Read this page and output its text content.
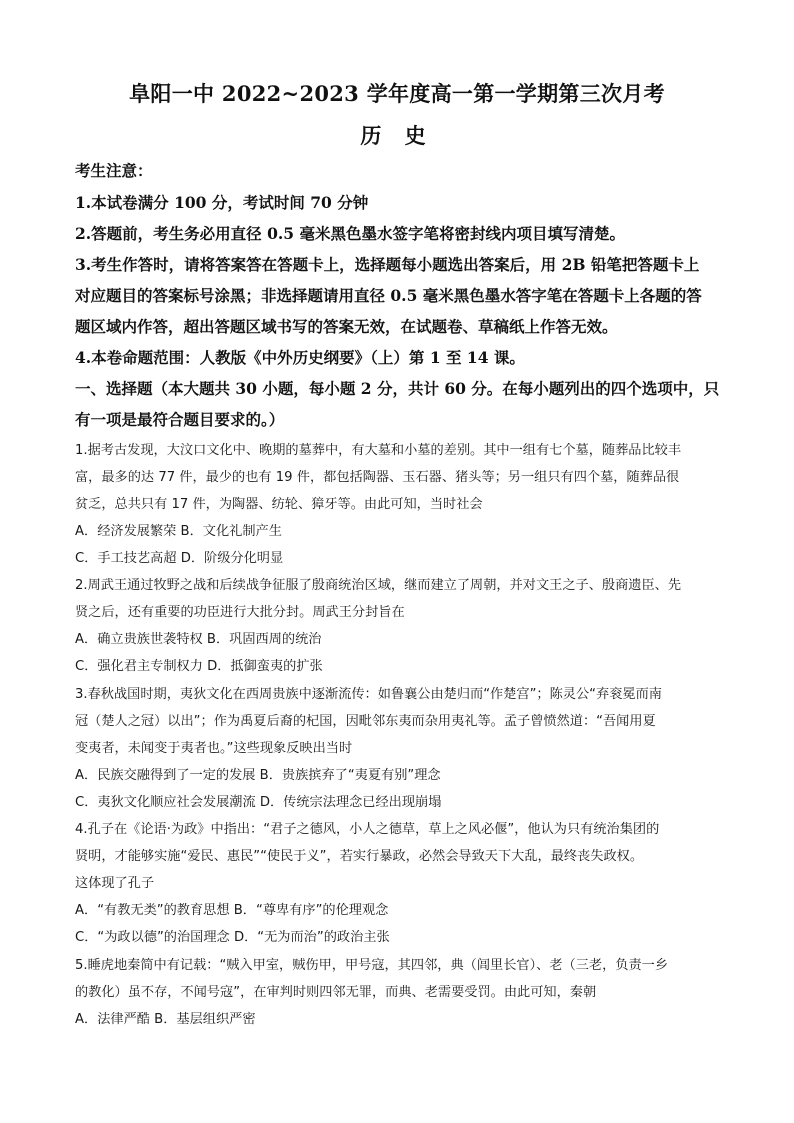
阜阳一中 2022~2023 学年度高一第一学期第三次月考
历 史
考生注意：
1.本试卷满分 100 分，考试时间 70 分钟
2.答题前，考生务必用直径 0.5 毫米黑色墨水签字笔将密封线内项目填写清楚。
3.考生作答时，请将答案答在答题卡上，选择题每小题选出答案后，用 2B 铅笔把答题卡上
对应题目的答案标号涂黑；非选择题请用直径 0.5 毫米黑色墨水答字笔在答题卡上各题的答
题区域内作答，超出答题区域书写的答案无效，在试题卷、草稿纸上作答无效。
4.本卷命题范围：人教版《中外历史纲要》（上）第 1 至 14 课。
一、选择题（本大题共 30 小题，每小题 2 分，共计 60 分。在每小题列出的四个选项中，只
有一项是最符合题目要求的。）
1.据考古发现，大汶口文化中、晚期的墓葬中，有大墓和小墓的差别。其中一组有七个墓，随葬品比较丰
富，最多的达 77 件，最少的也有 19 件，都包括陶器、玉石器、猪头等；另一组只有四个墓，随葬品很
贫乏，总共只有 17 件，为陶器、纺轮、獐牙等。由此可知，当时社会
A．经济发展繁荣 B．文化礼制产生
C．手工技艺高超 D．阶级分化明显
2.周武王通过牧野之战和后续战争征服了殷商统治区域，继而建立了周朝，并对文王之子、殷商遗臣、先
贤之后，还有重要的功臣进行大批分封。周武王分封旨在
A．确立贵族世袭特权 B．巩固西周的统治
C．强化君主专制权力 D．抵御蛮夷的扩张
3.春秋战国时期，夷狄文化在西周贵族中逐渐流传：如鲁襄公由楚归而“作楚宫”；陈灵公“弃衮冕而南
冠（楚人之冠）以出”；作为禹夏后裔的杞国，因毗邻东夷而杂用夷礼等。孟子曾愤然道：“吾闻用夏
变夷者，未闻变于夷者也。”这些现象反映出当时
A．民族交融得到了一定的发展 B．贵族摈弃了“夷夏有别”理念
C．夷狄文化顺应社会发展潮流 D．传统宗法理念已经出现崩塌
4.孔子在《论语·为政》中指出：“君子之德风，小人之德草，草上之风必偃”，他认为只有统治集团的
贤明，才能够实施“爱民、惠民”“使民于义”，若实行暴政，必然会导致天下大乱，最终丧失政权。
这体现了孔子
A．“有教无类”的教育思想 B．“尊卑有序”的伦理观念
C．“为政以德”的治国理念 D．“无为而治”的政治主张
5.睡虎地秦简中有记载：“贼入甲室，贼伤甲，甲号寇，其四邻，典（闾里长官）、老（三老，负责一乡
的教化）虽不存，不闻号寇”，在审判时则四邻无罪，而典、老需要受罚。由此可知，秦朝
A．法律严酷 B．基层组织严密
